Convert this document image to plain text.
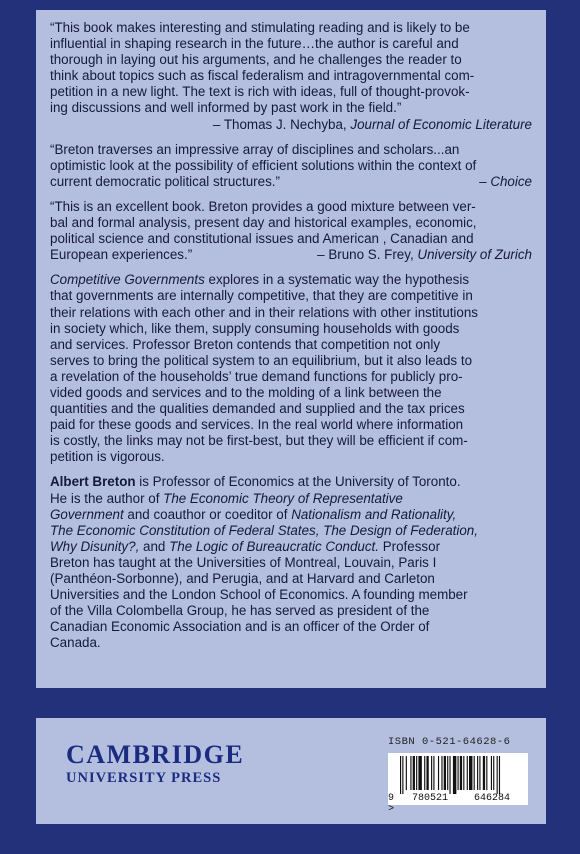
“This book makes interesting and stimulating reading and is likely to be

influential in shaping research in the future…the author is careful and

thorough in laying out his arguments, and he challenges the reader to

think about topics such as fiscal federalism and intragovernmental com-

petition in a new light. The text is rich with ideas, full of thought-provok-

ing discussions and well informed by past work in the field.”

– Thomas J. Nechyba, Journal of Economic Literature

“Breton traverses an impressive array of disciplines and scholars...an

optimistic look at the possibility of efficient solutions within the context of

current democratic political structures.”	– Choice

“This is an excellent book. Breton provides a good mixture between ver-

bal and formal analysis, present day and historical examples, economic,

political science and constitutional issues and American , Canadian and

European experiences.”	– Bruno S. Frey, University of Zurich

Competitive Governments explores in a systematic way the hypothesis

that governments are internally competitive, that they are competitive in

their relations with each other and in their relations with other institutions

in society which, like them, supply consuming households with goods

and services. Professor Breton contends that competition not only

serves to bring the political system to an equilibrium, but it also leads to

a revelation of the households’ true demand functions for publicly pro-

vided goods and services and to the molding of a link between the

quantities and the qualities demanded and supplied and the tax prices

paid for these goods and services. In the real world where information

is costly, the links may not be first-best, but they will be efficient if com-

petition is vigorous.

Albert Breton is Professor of Economics at the University of Toronto.

He is the author of The Economic Theory of Representative

Government and coauthor or coeditor of Nationalism and Rationality,

The Economic Constitution of Federal States, The Design of Federation,

Why Disunity?, and The Logic of Bureaucratic Conduct. Professor

Breton has taught at the Universities of Montreal, Louvain, Paris I

(Panthéon-Sorbonne), and Perugia, and at Harvard and Carleton

Universities and the London School of Economics. A founding member

of the Villa Colombella Group, he has served as president of the

Canadian Economic Association and is an officer of the Order of

Canada.

CAMBRIDGE
UNIVERSITY PRESS
ISBN 0-521-64628-6
9 780521	646284 >
